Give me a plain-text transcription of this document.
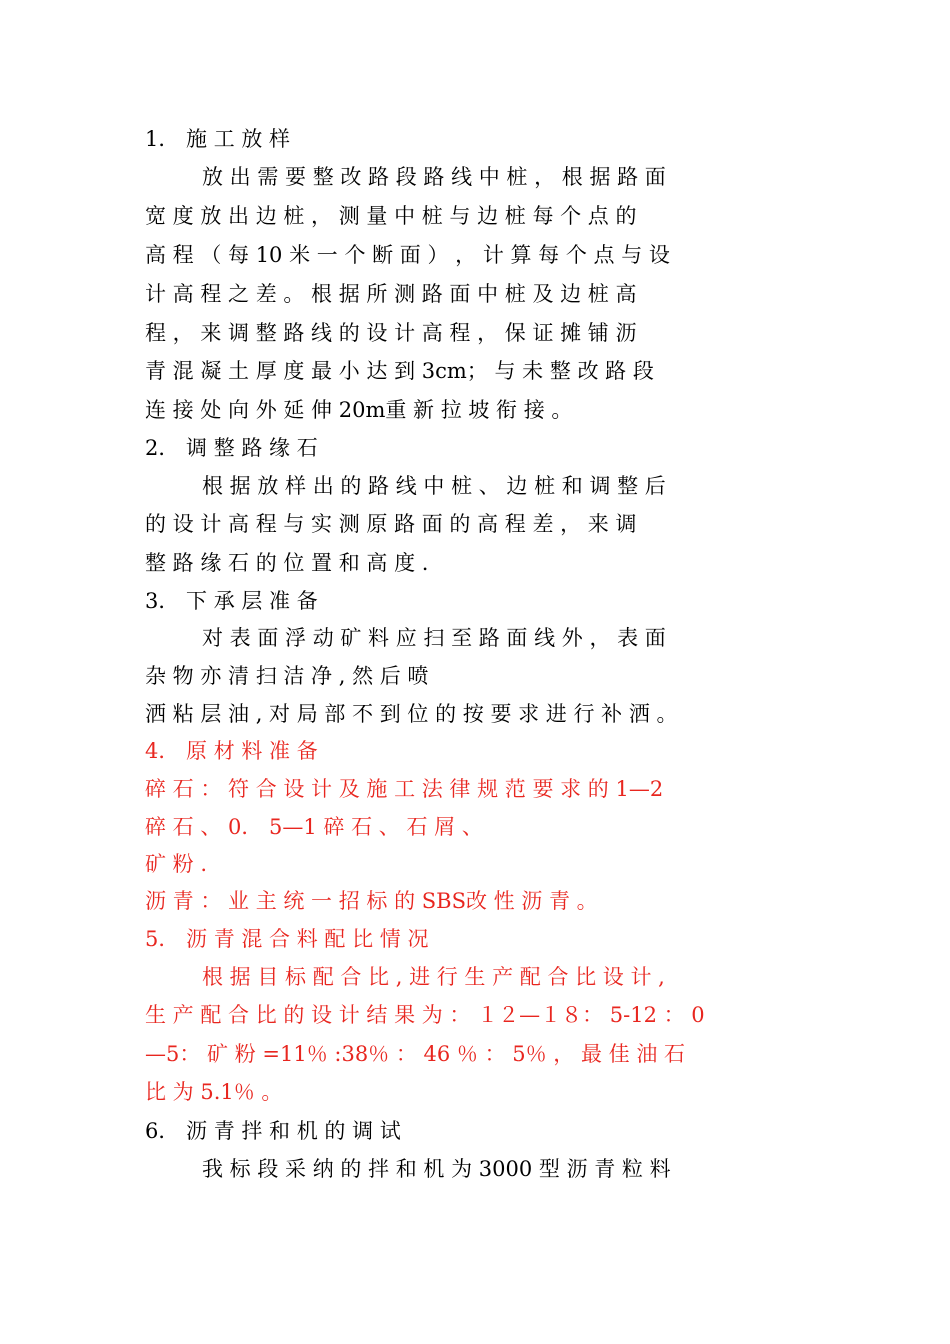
1． 施 工 放 样
放 出 需 要 整 改 路 段 路 线 中 桩 ， 根 据 路 面
宽 度 放 出 边 桩 ， 测 量 中 桩 与 边 桩 每 个 点 的
高 程 （ 每 10 米 一 个 断 面 ） ， 计 算 每 个 点 与 设
计 高 程 之 差 。 根 据 所 测 路 面 中 桩 及 边 桩 高
程 ， 来 调 整 路 线 的 设 计 高 程 ， 保 证 摊 铺 沥
青 混 凝 土 厚 度 最 小 达 到 3cm； 与 未 整 改 路 段
连 接 处 向 外 延 伸 20m重 新 拉 坡 衔 接 。
2． 调 整 路 缘 石
根 据 放 样 出 的 路 线 中 桩 、 边 桩 和 调 整 后
的 设 计 高 程 与 实 测 原 路 面 的 高 程 差 ， 来 调
整 路 缘 石 的 位 置 和 高 度 .
3． 下 承 层 准 备
对 表 面 浮 动 矿 料 应 扫 至 路 面 线 外 ， 表 面
杂 物 亦 清 扫 洁 净 , 然 后 喷
洒 粘 层 油 , 对 局 部 不 到 位 的 按 要 求 进 行 补 洒 。
4． 原 材 料 准 备
碎 石 ： 符 合 设 计 及 施 工 法 律 规 范 要 求 的 1—2
碎 石 、 0． 5—1 碎 石 、 石 屑 、
矿 粉 .
沥 青 ： 业 主 统 一 招 标 的 SBS改 性 沥 青 。
5． 沥 青 混 合 料 配 比 情 况
根 据 目 标 配 合 比 , 进 行 生 产 配 合 比 设 计 ,
生 产 配 合 比 的 设 计 结 果 为 ： １２—１８： 5-12 ： 0
—5： 矿 粉 =11％ :38％ ： 46 ％ ： 5％ ， 最 佳 油 石
比 为 5.1％ 。
6． 沥 青 拌 和 机 的 调 试
我 标 段 采 纳 的 拌 和 机 为 3000 型 沥 青 粒 料
